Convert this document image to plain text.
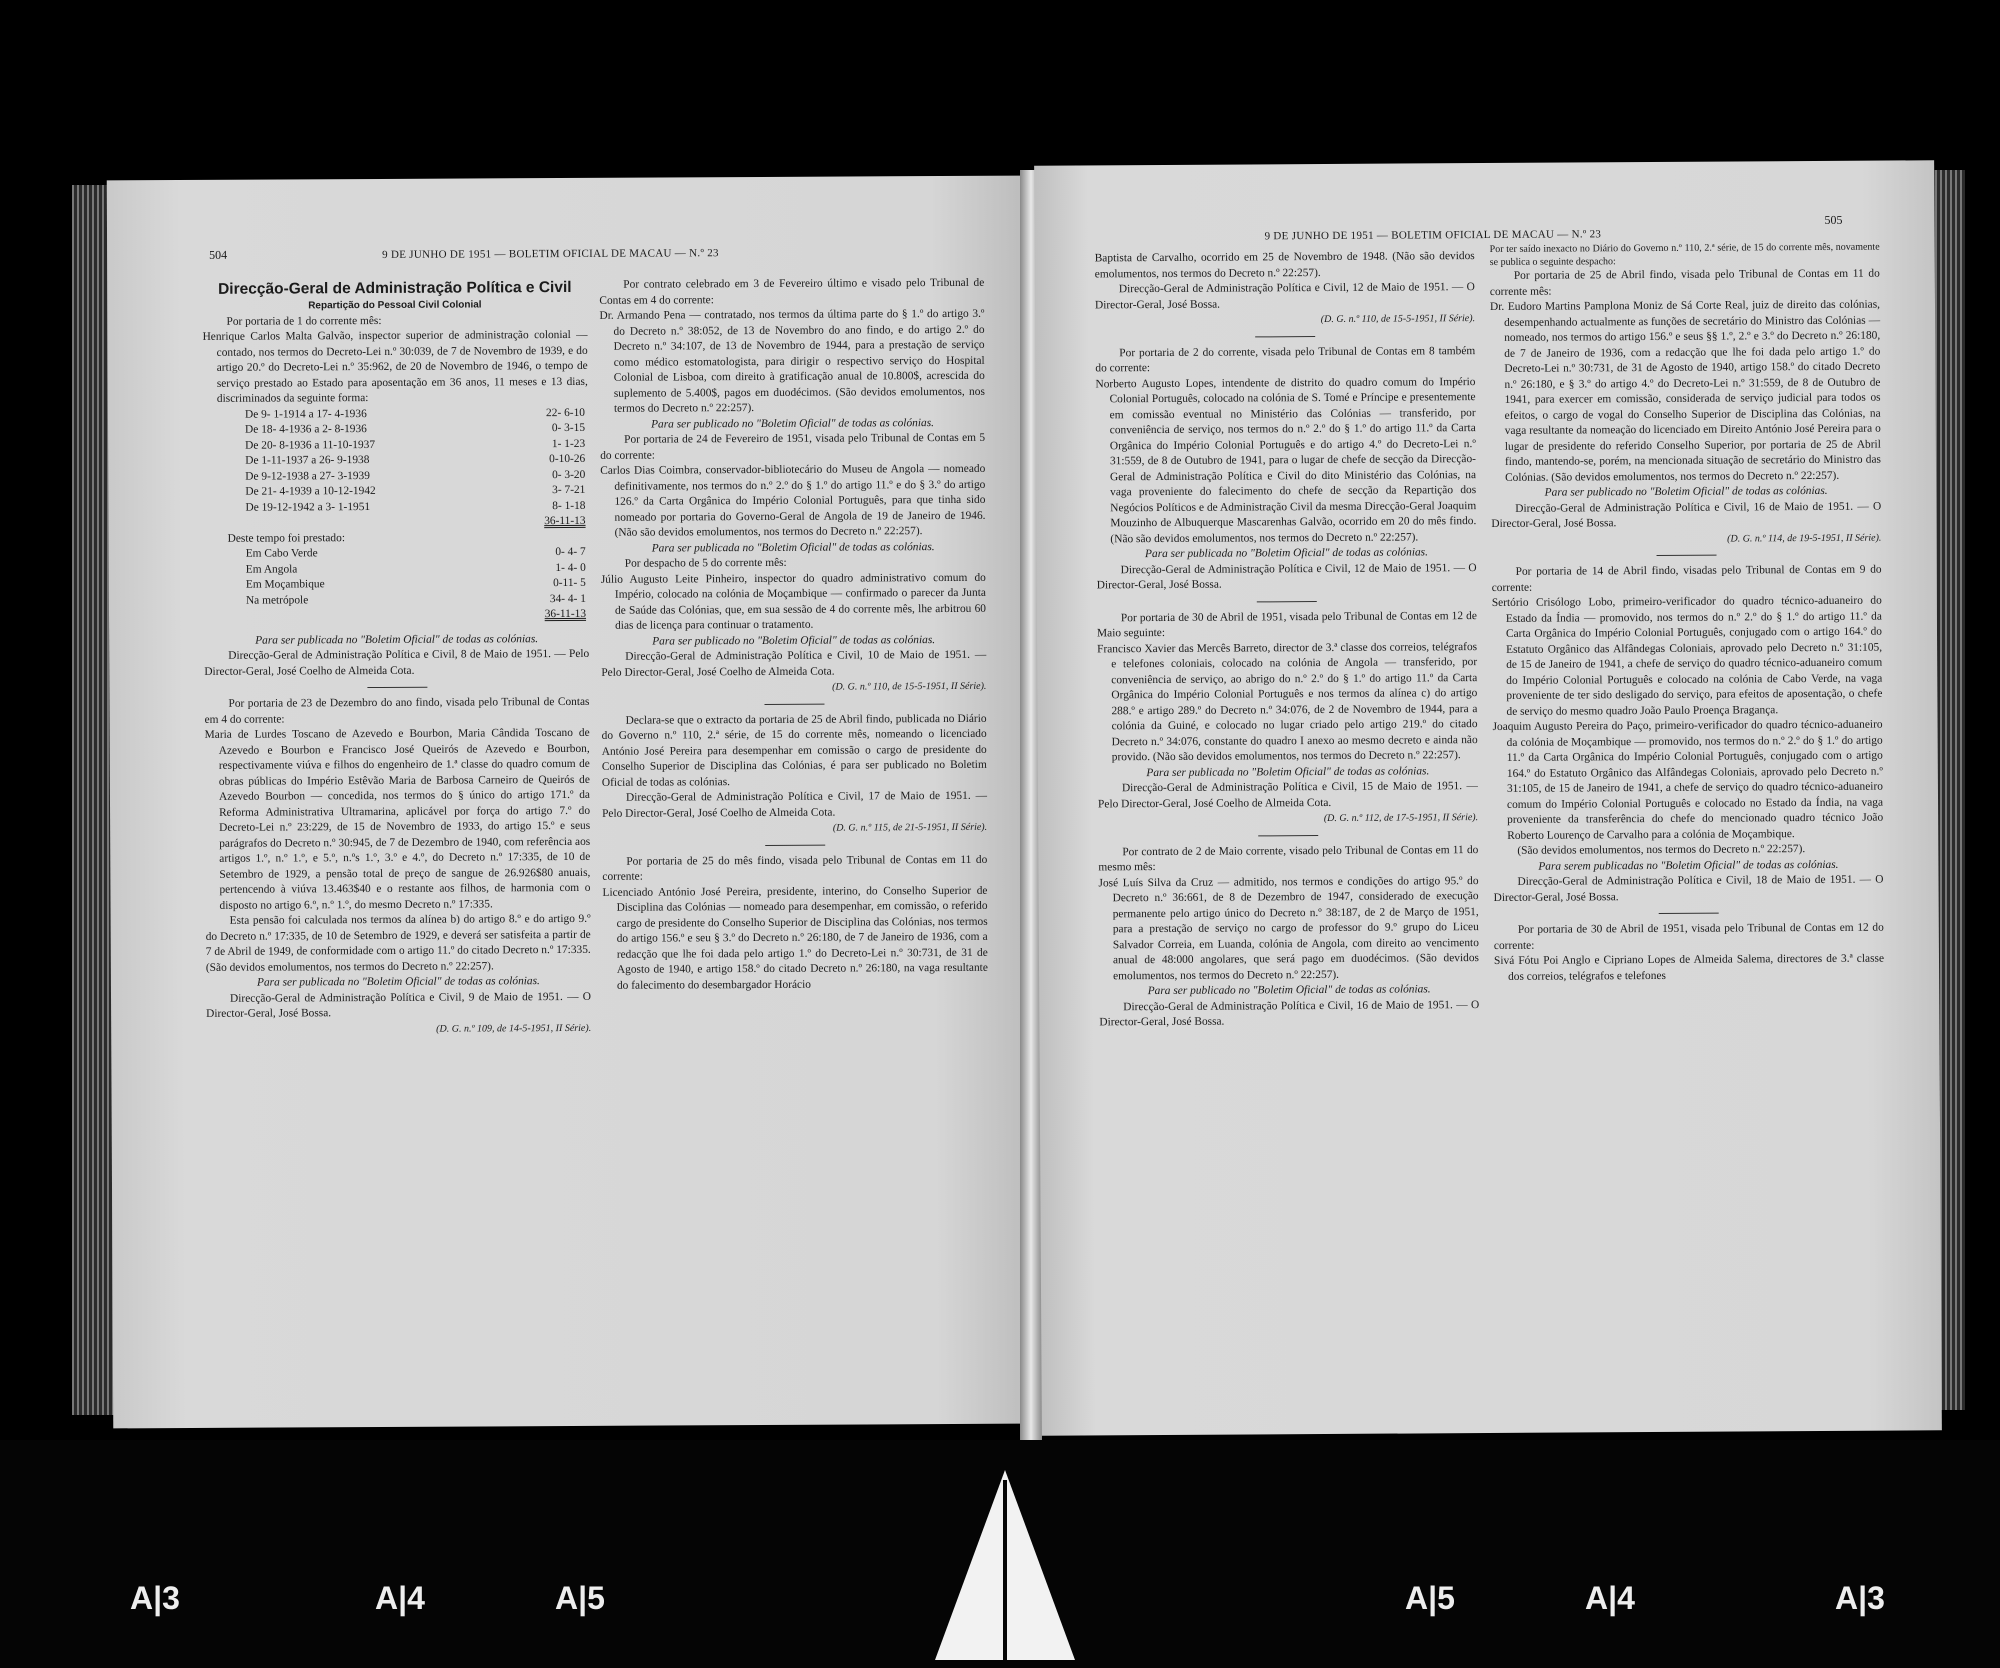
504	9 DE JUNHO DE 1951 — BOLETIM OFICIAL DE MACAU — N.º 23

Direcção-Geral de Administração Política e Civil

Repartição do Pessoal Civil Colonial

Por portaria de 1 do corrente mês:

Henrique Carlos Malta Galvão, inspector superior de administração colonial — contado, nos termos do Decreto-Lei n.º 30:039, de 7 de Novembro de 1939, e do artigo 20.º do Decreto-Lei n.º 35:962, de 20 de Novembro de 1946, o tempo de serviço prestado ao Estado para aposentação em 36 anos, 11 meses e 13 dias, discriminados da seguinte forma:

De 9- 1-1914 a 17- 4-1936	22- 6-10
De 18- 4-1936 a 2- 8-1936	0- 3-15
De 20- 8-1936 a 11-10-1937	1- 1-23
De 1-11-1937 a 26- 9-1938	0-10-26
De 9-12-1938 a 27- 3-1939	0- 3-20
De 21- 4-1939 a 10-12-1942	3- 7-21
De 19-12-1942 a 3- 1-1951	8- 1-18
	36-11-13

Deste tempo foi prestado:

Em Cabo Verde	0- 4- 7
Em Angola	1- 4- 0
Em Moçambique	0-11- 5
Na metrópole	34- 4- 1
	36-11-13

Para ser publicada no "Boletim Oficial" de todas as colónias.

Direcção-Geral de Administração Política e Civil, 8 de Maio de 1951. — Pelo Director-Geral, José Coelho de Almeida Cota.

Por portaria de 23 de Dezembro do ano findo, visada pelo Tribunal de Contas em 4 do corrente:

Maria de Lurdes Toscano de Azevedo e Bourbon, Maria Cândida Toscano de Azevedo e Bourbon e Francisco José Queirós de Azevedo e Bourbon, respectivamente viúva e filhos do engenheiro de 1.ª classe do quadro comum de obras públicas do Império Estêvão Maria de Barbosa Carneiro de Queirós de Azevedo Bourbon — concedida, nos termos do § único do artigo 171.º da Reforma Administrativa Ultramarina, aplicável por força do artigo 7.º do Decreto-Lei n.º 23:229, de 15 de Novembro de 1933, do artigo 15.º e seus parágrafos do Decreto n.º 30:945, de 7 de Dezembro de 1940, com referência aos artigos 1.º, n.º 1.º, e 5.º, n.ºs 1.º, 3.º e 4.º, do Decreto n.º 17:335, de 10 de Setembro de 1929, a pensão total de preço de sangue de 26.926$80 anuais, pertencendo à viúva 13.463$40 e o restante aos filhos, de harmonia com o disposto no artigo 6.º, n.º 1.º, do mesmo Decreto n.º 17:335.

Esta pensão foi calculada nos termos da alínea b) do artigo 8.º e do artigo 9.º do Decreto n.º 17:335, de 10 de Setembro de 1929, e deverá ser satisfeita a partir de 7 de Abril de 1949, de conformidade com o artigo 11.º do citado Decreto n.º 17:335. (São devidos emolumentos, nos termos do Decreto n.º 22:257).

Para ser publicada no "Boletim Oficial" de todas as colónias.

Direcção-Geral de Administração Política e Civil, 9 de Maio de 1951. — O Director-Geral, José Bossa.

(D. G. n.º 109, de 14-5-1951, II Série).

Por contrato celebrado em 3 de Fevereiro último e visado pelo Tribunal de Contas em 4 do corrente:

Dr. Armando Pena — contratado, nos termos da última parte do § 1.º do artigo 3.º do Decreto n.º 38:052, de 13 de Novembro do ano findo, e do artigo 2.º do Decreto n.º 34:107, de 13 de Novembro de 1944, para a prestação de serviço como médico estomatologista, para dirigir o respectivo serviço do Hospital Colonial de Lisboa, com direito à gratificação anual de 10.800$, acrescida do suplemento de 5.400$, pagos em duodécimos. (São devidos emolumentos, nos termos do Decreto n.º 22:257).

Para ser publicado no "Boletim Oficial" de todas as colónias.

Por portaria de 24 de Fevereiro de 1951, visada pelo Tribunal de Contas em 5 do corrente:

Carlos Dias Coimbra, conservador-bibliotecário do Museu de Angola — nomeado definitivamente, nos termos do n.º 2.º do § 1.º do artigo 11.º e do § 3.º do artigo 126.º da Carta Orgânica do Império Colonial Português, para que tinha sido nomeado por portaria do Governo-Geral de Angola de 19 de Janeiro de 1946. (Não são devidos emolumentos, nos termos do Decreto n.º 22:257).

Para ser publicada no "Boletim Oficial" de todas as colónias.

Por despacho de 5 do corrente mês:

Júlio Augusto Leite Pinheiro, inspector do quadro administrativo comum do Império, colocado na colónia de Moçambique — confirmado o parecer da Junta de Saúde das Colónias, que, em sua sessão de 4 do corrente mês, lhe arbitrou 60 dias de licença para continuar o tratamento.

Para ser publicado no "Boletim Oficial" de todas as colónias.

Direcção-Geral de Administração Política e Civil, 10 de Maio de 1951. — Pelo Director-Geral, José Coelho de Almeida Cota.

(D. G. n.º 110, de 15-5-1951, II Série).

Declara-se que o extracto da portaria de 25 de Abril findo, publicada no Diário do Governo n.º 110, 2.ª série, de 15 do corrente mês, nomeando o licenciado António José Pereira para desempenhar em comissão o cargo de presidente do Conselho Superior de Disciplina das Colónias, é para ser publicado no Boletim Oficial de todas as colónias.

Direcção-Geral de Administração Política e Civil, 17 de Maio de 1951. — Pelo Director-Geral, José Coelho de Almeida Cota.

(D. G. n.º 115, de 21-5-1951, II Série).

Por portaria de 25 do mês findo, visada pelo Tribunal de Contas em 11 do corrente:

Licenciado António José Pereira, presidente, interino, do Conselho Superior de Disciplina das Colónias — nomeado para desempenhar, em comissão, o referido cargo de presidente do Conselho Superior de Disciplina das Colónias, nos termos do artigo 156.º e seu § 3.º do Decreto n.º 26:180, de 7 de Janeiro de 1936, com a redacção que lhe foi dada pelo artigo 1.º do Decreto-Lei n.º 30:731, de 31 de Agosto de 1940, e artigo 158.º do citado Decreto n.º 26:180, na vaga resultante do falecimento do desembargador Horácio

9 DE JUNHO DE 1951 — BOLETIM OFICIAL DE MACAU — N.º 23
505

Baptista de Carvalho, ocorrido em 25 de Novembro de 1948. (Não são devidos emolumentos, nos termos do Decreto n.º 22:257).

Direcção-Geral de Administração Política e Civil, 12 de Maio de 1951. — O Director-Geral, José Bossa.

(D. G. n.º 110, de 15-5-1951, II Série).

Por portaria de 2 do corrente, visada pelo Tribunal de Contas em 8 também do corrente:

Norberto Augusto Lopes, intendente de distrito do quadro comum do Império Colonial Português, colocado na colónia de S. Tomé e Príncipe e presentemente em comissão eventual no Ministério das Colónias — transferido, por conveniência de serviço, nos termos do n.º 2.º do § 1.º do artigo 11.º da Carta Orgânica do Império Colonial Português e do artigo 4.º do Decreto-Lei n.º 31:559, de 8 de Outubro de 1941, para o lugar de chefe de secção da Direcção-Geral de Administração Política e Civil do dito Ministério das Colónias, na vaga proveniente do falecimento do chefe de secção da Repartição dos Negócios Políticos e de Administração Civil da mesma Direcção-Geral Joaquim Mouzinho de Albuquerque Mascarenhas Galvão, ocorrido em 20 do mês findo. (Não são devidos emolumentos, nos termos do Decreto n.º 22:257).

Para ser publicada no "Boletim Oficial" de todas as colónias.

Direcção-Geral de Administração Política e Civil, 12 de Maio de 1951. — O Director-Geral, José Bossa.

Por portaria de 30 de Abril de 1951, visada pelo Tribunal de Contas em 12 de Maio seguinte:

Francisco Xavier das Mercês Barreto, director de 3.ª classe dos correios, telégrafos e telefones coloniais, colocado na colónia de Angola — transferido, por conveniência de serviço, ao abrigo do n.º 2.º do § 1.º do artigo 11.º da Carta Orgânica do Império Colonial Português e nos termos da alínea c) do artigo 288.º e artigo 289.º do Decreto n.º 34:076, de 2 de Novembro de 1944, para a colónia da Guiné, e colocado no lugar criado pelo artigo 219.º do citado Decreto n.º 34:076, constante do quadro I anexo ao mesmo decreto e ainda não provido. (Não são devidos emolumentos, nos termos do Decreto n.º 22:257).

Para ser publicada no "Boletim Oficial" de todas as colónias.

Direcção-Geral de Administração Política e Civil, 15 de Maio de 1951. — Pelo Director-Geral, José Coelho de Almeida Cota.

(D. G. n.º 112, de 17-5-1951, II Série).

Por contrato de 2 de Maio corrente, visado pelo Tribunal de Contas em 11 do mesmo mês:

José Luís Silva da Cruz — admitido, nos termos e condições do artigo 95.º do Decreto n.º 36:661, de 8 de Dezembro de 1947, considerado de execução permanente pelo artigo único do Decreto n.º 38:187, de 2 de Março de 1951, para a prestação de serviço no cargo de professor do 9.º grupo do Liceu Salvador Correia, em Luanda, colónia de Angola, com direito ao vencimento anual de 48:000 angolares, que será pago em duodécimos. (São devidos emolumentos, nos termos do Decreto n.º 22:257).

Para ser publicado no "Boletim Oficial" de todas as colónias.

Direcção-Geral de Administração Política e Civil, 16 de Maio de 1951. — O Director-Geral, José Bossa.

Por ter saído inexacto no Diário do Governo n.º 110, 2.ª série, de 15 do corrente mês, novamente se publica o seguinte despacho:

Por portaria de 25 de Abril findo, visada pelo Tribunal de Contas em 11 do corrente mês:

Dr. Eudoro Martins Pamplona Moniz de Sá Corte Real, juiz de direito das colónias, desempenhando actualmente as funções de secretário do Ministro das Colónias — nomeado, nos termos do artigo 156.º e seus §§ 1.º, 2.º e 3.º do Decreto n.º 26:180, de 7 de Janeiro de 1936, com a redacção que lhe foi dada pelo artigo 1.º do Decreto-Lei n.º 30:731, de 31 de Agosto de 1940, artigo 158.º do citado Decreto n.º 26:180, e § 3.º do artigo 4.º do Decreto-Lei n.º 31:559, de 8 de Outubro de 1941, para exercer em comissão, considerada de serviço judicial para todos os efeitos, o cargo de vogal do Conselho Superior de Disciplina das Colónias, na vaga resultante da nomeação do licenciado em Direito António José Pereira para o lugar de presidente do referido Conselho Superior, por portaria de 25 de Abril findo, mantendo-se, porém, na mencionada situação de secretário do Ministro das Colónias. (São devidos emolumentos, nos termos do Decreto n.º 22:257).

Para ser publicado no "Boletim Oficial" de todas as colónias.

Direcção-Geral de Administração Política e Civil, 16 de Maio de 1951. — O Director-Geral, José Bossa.

(D. G. n.º 114, de 19-5-1951, II Série).

Por portaria de 14 de Abril findo, visadas pelo Tribunal de Contas em 9 do corrente:

Sertório Crisólogo Lobo, primeiro-verificador do quadro técnico-aduaneiro do Estado da Índia — promovido, nos termos do n.º 2.º do § 1.º do artigo 11.º da Carta Orgânica do Império Colonial Português, conjugado com o artigo 164.º do Estatuto Orgânico das Alfândegas Coloniais, aprovado pelo Decreto n.º 31:105, de 15 de Janeiro de 1941, a chefe de serviço do quadro técnico-aduaneiro comum do Império Colonial Português e colocado na colónia de Cabo Verde, na vaga proveniente de ter sido desligado do serviço, para efeitos de aposentação, o chefe de serviço do mesmo quadro João Paulo Proença Bragança.

Joaquim Augusto Pereira do Paço, primeiro-verificador do quadro técnico-aduaneiro da colónia de Moçambique — promovido, nos termos do n.º 2.º do § 1.º do artigo 11.º da Carta Orgânica do Império Colonial Português, conjugado com o artigo 164.º do Estatuto Orgânico das Alfândegas Coloniais, aprovado pelo Decreto n.º 31:105, de 15 de Janeiro de 1941, a chefe de serviço do quadro técnico-aduaneiro comum do Império Colonial Português e colocado no Estado da Índia, na vaga proveniente da transferência do chefe do mencionado quadro técnico João Roberto Lourenço de Carvalho para a colónia de Moçambique.

(São devidos emolumentos, nos termos do Decreto n.º 22:257).

Para serem publicadas no "Boletim Oficial" de todas as colónias.

Direcção-Geral de Administração Política e Civil, 18 de Maio de 1951. — O Director-Geral, José Bossa.

Por portaria de 30 de Abril de 1951, visada pelo Tribunal de Contas em 12 do corrente:

Sivá Fótu Poi Anglo e Cipriano Lopes de Almeida Salema, directores de 3.ª classe dos correios, telégrafos e telefones

A|3	A|4	A|5	A|5	A|4	A|3
